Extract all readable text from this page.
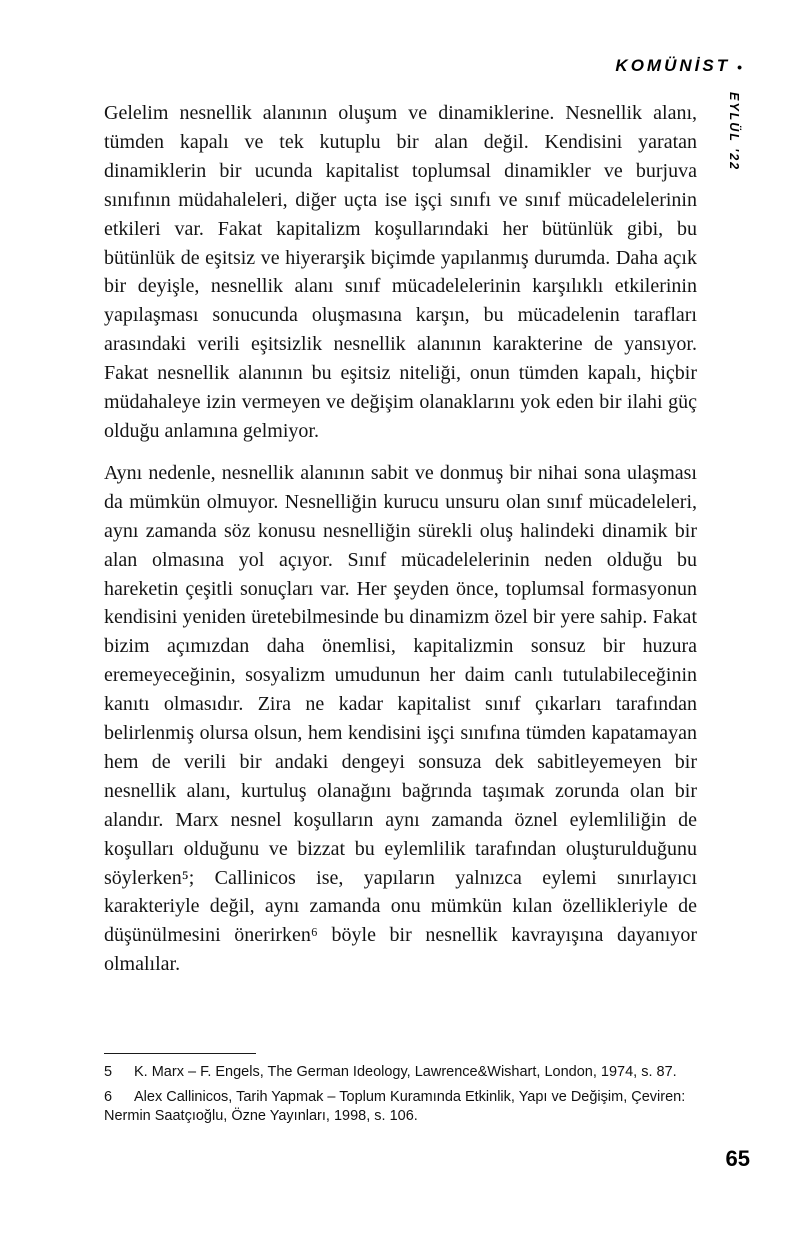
KOMÜNİST •
EYLÜL '22

Gelelim nesnellik alanının oluşum ve dinamiklerine. Nesnellik alanı, tümden kapalı ve tek kutuplu bir alan değil. Kendisini yaratan dinamiklerin bir ucunda kapitalist toplumsal dinamikler ve burjuva sınıfının müdahaleleri, diğer uçta ise işçi sınıfı ve sınıf mücadelelerinin etkileri var. Fakat kapitalizm koşullarındaki her bütünlük gibi, bu bütünlük de eşitsiz ve hiyerarşik biçimde yapılanmış durumda. Daha açık bir deyişle, nesnellik alanı sınıf mücadelelerinin karşılıklı etkilerinin yapılaşması sonucunda oluşmasına karşın, bu mücadelenin tarafları arasındaki verili eşitsizlik nesnellik alanının karakterine de yansıyor. Fakat nesnellik alanının bu eşitsiz niteliği, onun tümden kapalı, hiçbir müdahaleye izin vermeyen ve değişim olanaklarını yok eden bir ilahi güç olduğu anlamına gelmiyor.

Aynı nedenle, nesnellik alanının sabit ve donmuş bir nihai sona ulaşması da mümkün olmuyor. Nesnelliğin kurucu unsuru olan sınıf mücadeleleri, aynı zamanda söz konusu nesnelliğin sürekli oluş halindeki dinamik bir alan olmasına yol açıyor. Sınıf mücadelelerinin neden olduğu bu hareketin çeşitli sonuçları var. Her şeyden önce, toplumsal formasyonun kendisini yeniden üretebilmesinde bu dinamizm özel bir yere sahip. Fakat bizim açımızdan daha önemlisi, kapitalizmin sonsuz bir huzura eremeyeceğinin, sosyalizm umudunun her daim canlı tutulabileceğinin kanıtı olmasıdır. Zira ne kadar kapitalist sınıf çıkarları tarafından belirlenmiş olursa olsun, hem kendisini işçi sınıfına tümden kapatamayan hem de verili bir andaki dengeyi sonsuza dek sabitleyemeyen bir nesnellik alanı, kurtuluş olanağını bağrında taşımak zorunda olan bir alandır. Marx nesnel koşulların aynı zamanda öznel eylemliliğin de koşulları olduğunu ve bizzat bu eylemlilik tarafından oluşturulduğunu söylerken⁵; Callinicos ise, yapıların yalnızca eylemi sınırlayıcı karakteriyle değil, aynı zamanda onu mümkün kılan özellikleriyle de düşünülmesini önerirken⁶ böyle bir nesnellik kavrayışına dayanıyor olmalılar.

5 K. Marx – F. Engels, The German Ideology, Lawrence&Wishart, London, 1974, s. 87.
6 Alex Callinicos, Tarih Yapmak – Toplum Kuramında Etkinlik, Yapı ve Değişim, Çeviren: Nermin Saatçıoğlu, Özne Yayınları, 1998, s. 106.
65
